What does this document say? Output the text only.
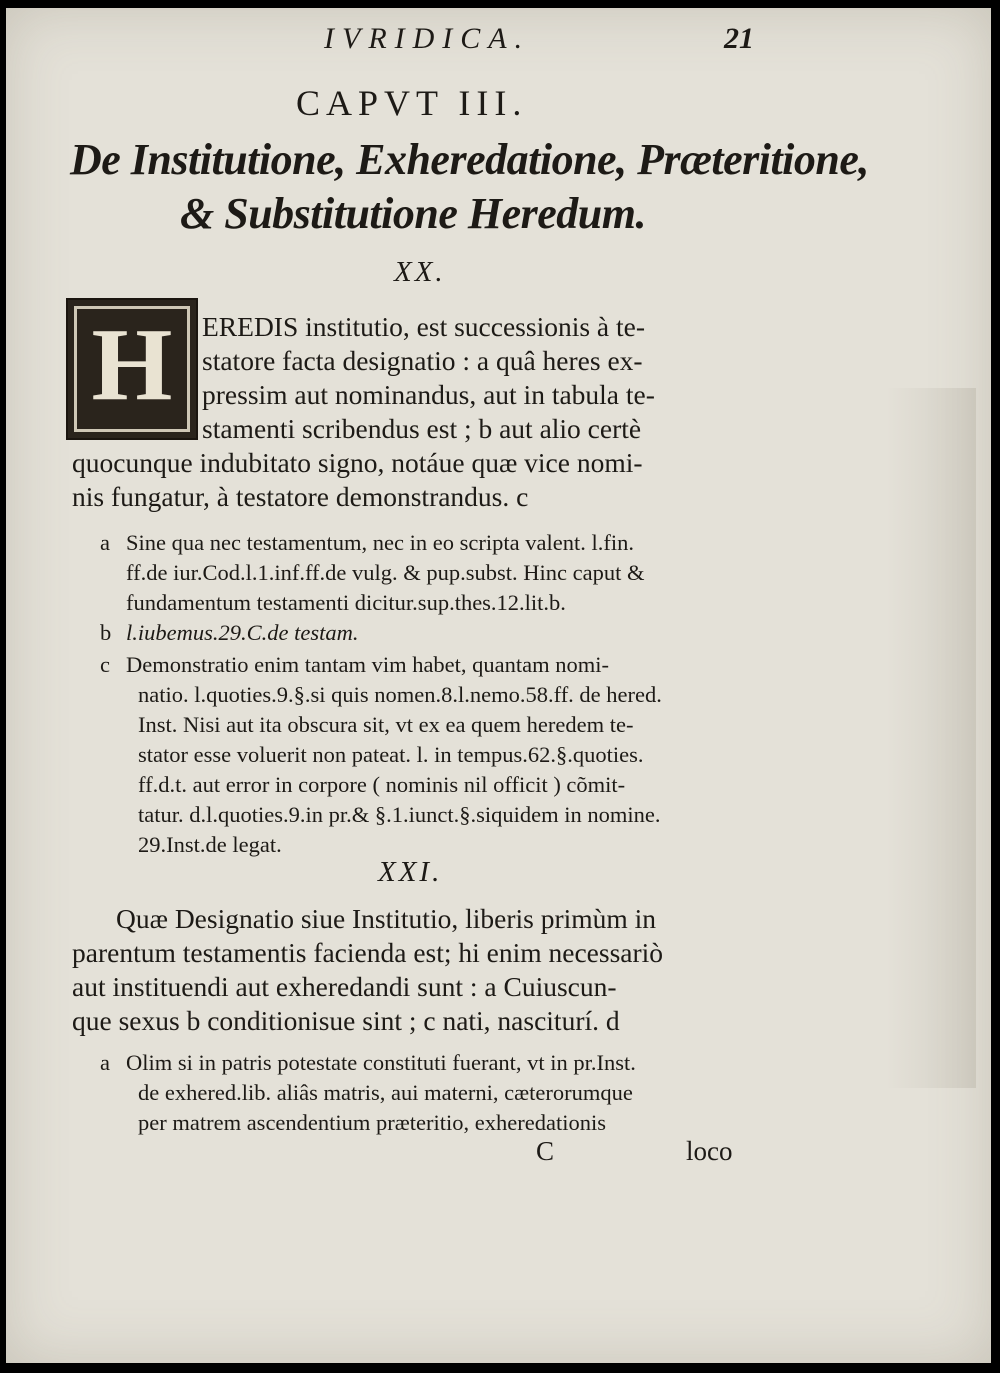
IVRIDICA.	21
CAPVT III.
De Institutione, Exheredatione, Præteritione,
& Substitutione Heredum.
XX.
H	EREDIS institutio, est successionis à te-
statore facta designatio : a quâ heres ex-
pressim aut nominandus, aut in tabula te-
stamenti scribendus est ; b aut alio certè
quocunque indubitato signo, notáue quæ vice nomi-
nis fungatur, à testatore demonstrandus. c
a Sine qua nec testamentum, nec in eo scripta valent. l.fin.
ff.de iur.Cod.l.1.inf.ff.de vulg. & pup.subst. Hinc caput &
fundamentum testamenti dicitur.sup.thes.12.lit.b.
b l.iubemus.29.C.de testam.
c Demonstratio enim tantam vim habet, quantam nomi-
natio. l.quoties.9.§.si quis nomen.8.l.nemo.58.ff. de hered.
Inst. Nisi aut ita obscura sit, vt ex ea quem heredem te-
stator esse voluerit non pateat. l. in tempus.62.§.quoties.
ff.d.t. aut error in corpore ( nominis nil officit ) cõmit-
tatur. d.l.quoties.9.in pr.& §.1.iunct.§.siquidem in nomine.
29.Inst.de legat.
XXI.
Quæ Designatio siue Institutio, liberis primùm in
parentum testamentis facienda est; hi enim necessariò
aut instituendi aut exheredandi sunt : a Cuiuscun-
que sexus b conditionisue sint ; c nati, nasciturí. d
a Olim si in patris potestate constituti fuerant, vt in pr.Inst.
de exhered.lib. aliâs matris, aui materni, cæterorumque
per matrem ascendentium præteritio, exheredationis
C	loco
